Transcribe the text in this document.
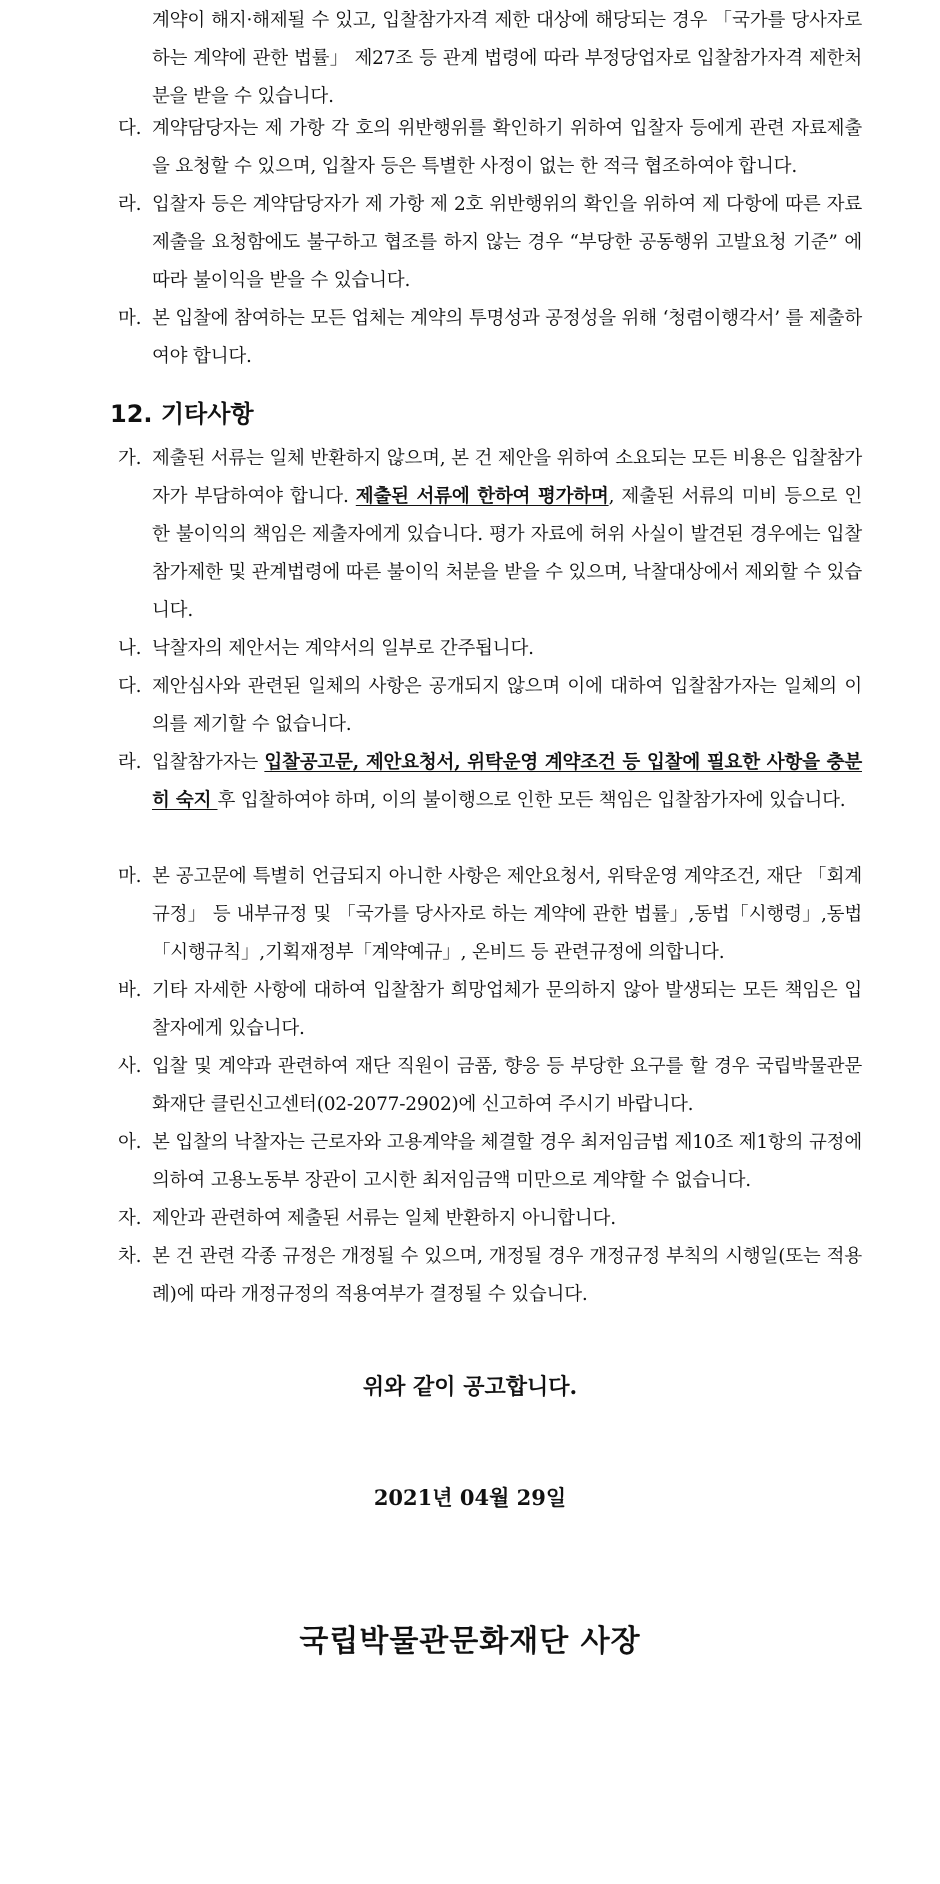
계약이 해지·해제될 수 있고, 입찰참가자격 제한 대상에 해당되는 경우 「국가를 당사자로 하는 계약에 관한 법률」 제27조 등 관계 법령에 따라 부정당업자로 입찰참가자격 제한처분을 받을 수 있습니다.

다. 계약담당자는 제 가항 각 호의 위반행위를 확인하기 위하여 입찰자 등에게 관련 자료제출을 요청할 수 있으며, 입찰자 등은 특별한 사정이 없는 한 적극 협조하여야 합니다.
라. 입찰자 등은 계약담당자가 제 가항 제 2호 위반행위의 확인을 위하여 제 다항에 따른 자료제출을 요청함에도 불구하고 협조를 하지 않는 경우 “부당한 공동행위 고발요청 기준” 에 따라 불이익을 받을 수 있습니다.
마. 본 입찰에 참여하는 모든 업체는 계약의 투명성과 공정성을 위해 ‘청렴이행각서’ 를 제출하여야 합니다.
12. 기타사항
가. 제출된 서류는 일체 반환하지 않으며, 본 건 제안을 위하여 소요되는 모든 비용은 입찰참가자가 부담하여야 합니다. 제출된 서류에 한하여 평가하며, 제출된 서류의 미비 등으로 인한 불이익의 책임은 제출자에게 있습니다. 평가 자료에 허위 사실이 발견된 경우에는 입찰참가제한 및 관계법령에 따른 불이익 처분을 받을 수 있으며, 낙찰대상에서 제외할 수 있습니다.
나. 낙찰자의 제안서는 계약서의 일부로 간주됩니다.
다. 제안심사와 관련된 일체의 사항은 공개되지 않으며 이에 대하여 입찰참가자는 일체의 이의를 제기할 수 없습니다.
라. 입찰참가자는 입찰공고문, 제안요청서, 위탁운영 계약조건 등 입찰에 필요한 사항을 충분히 숙지 후 입찰하여야 하며, 이의 불이행으로 인한 모든 책임은 입찰참가자에 있습니다.
마. 본 공고문에 특별히 언급되지 아니한 사항은 제안요청서, 위탁운영 계약조건, 재단 「회계규정」 등 내부규정 및 「국가를 당사자로 하는 계약에 관한 법률」,동법「시행령」,동법「시행규칙」,기획재정부「계약예규」, 온비드 등 관련규정에 의합니다.
바. 기타 자세한 사항에 대하여 입찰참가 희망업체가 문의하지 않아 발생되는 모든 책임은 입찰자에게 있습니다.
사. 입찰 및 계약과 관련하여 재단 직원이 금품, 향응 등 부당한 요구를 할 경우 국립박물관문화재단 클린신고센터(02-2077-2902)에 신고하여 주시기 바랍니다.
아. 본 입찰의 낙찰자는 근로자와 고용계약을 체결할 경우 최저임금법 제10조 제1항의 규정에 의하여 고용노동부 장관이 고시한 최저임금액 미만으로 계약할 수 없습니다.
자. 제안과 관련하여 제출된 서류는 일체 반환하지 아니합니다.
차. 본 건 관련 각종 규정은 개정될 수 있으며, 개정될 경우 개정규정 부칙의 시행일(또는 적용례)에 따라 개정규정의 적용여부가 결정될 수 있습니다.

위와 같이 공고합니다.

2021년 04월 29일

국립박물관문화재단 사장
